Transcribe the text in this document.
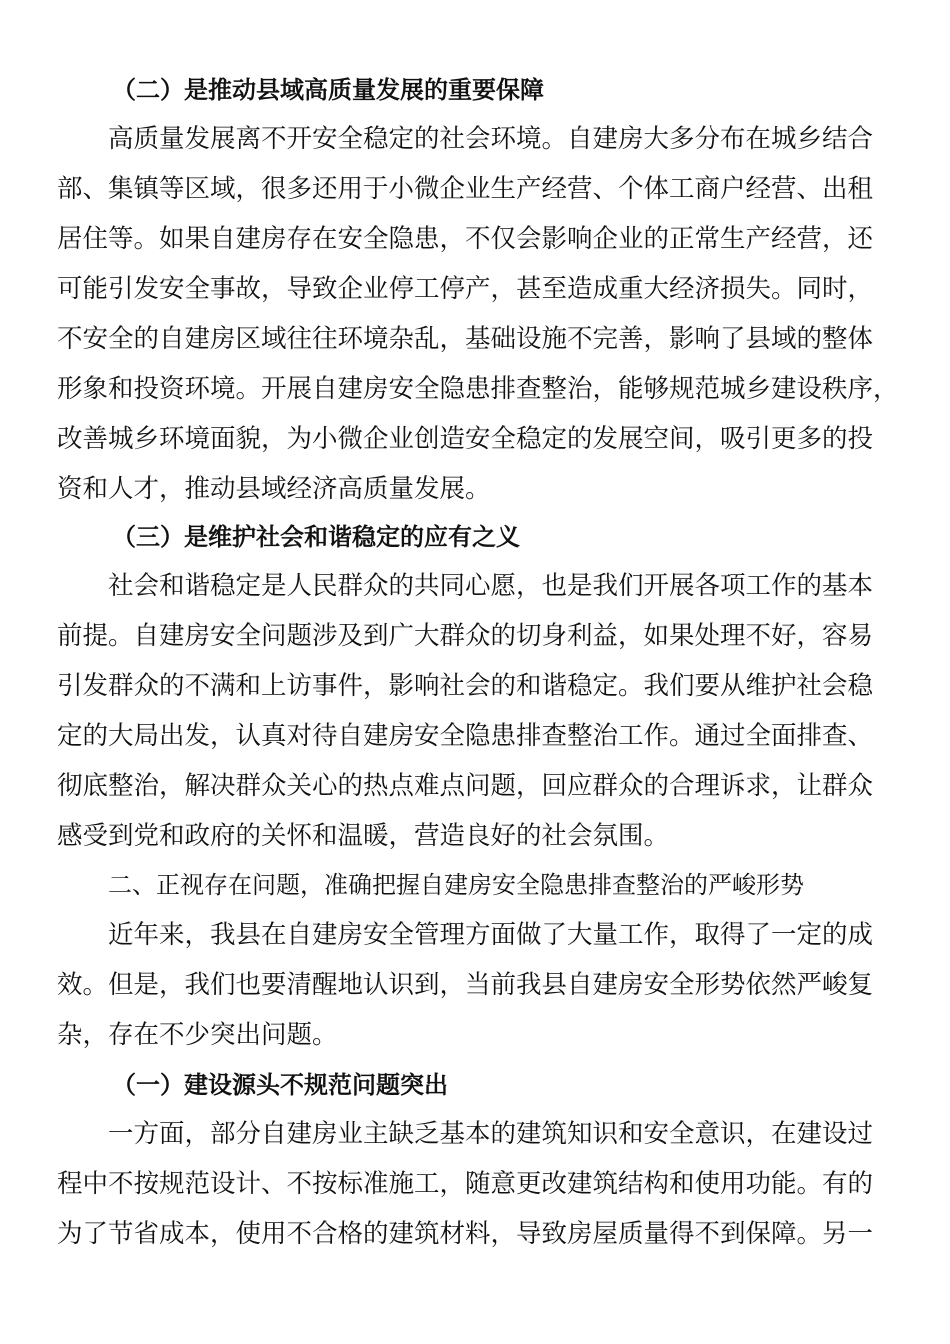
（二）是推动县域高质量发展的重要保障
高质量发展离不开安全稳定的社会环境。自建房大多分布在城乡结合
部、集镇等区域，很多还用于小微企业生产经营、个体工商户经营、出租
居住等。如果自建房存在安全隐患，不仅会影响企业的正常生产经营，还
可能引发安全事故，导致企业停工停产，甚至造成重大经济损失。同时，
不安全的自建房区域往往环境杂乱，基础设施不完善，影响了县域的整体
形象和投资环境。开展自建房安全隐患排查整治，能够规范城乡建设秩序，
改善城乡环境面貌，为小微企业创造安全稳定的发展空间，吸引更多的投
资和人才，推动县域经济高质量发展。
（三）是维护社会和谐稳定的应有之义
社会和谐稳定是人民群众的共同心愿，也是我们开展各项工作的基本
前提。自建房安全问题涉及到广大群众的切身利益，如果处理不好，容易
引发群众的不满和上访事件，影响社会的和谐稳定。我们要从维护社会稳
定的大局出发，认真对待自建房安全隐患排查整治工作。通过全面排查、
彻底整治，解决群众关心的热点难点问题，回应群众的合理诉求，让群众
感受到党和政府的关怀和温暖，营造良好的社会氛围。
二、正视存在问题，准确把握自建房安全隐患排查整治的严峻形势
近年来，我县在自建房安全管理方面做了大量工作，取得了一定的成
效。但是，我们也要清醒地认识到，当前我县自建房安全形势依然严峻复
杂，存在不少突出问题。
（一）建设源头不规范问题突出
一方面，部分自建房业主缺乏基本的建筑知识和安全意识，在建设过
程中不按规范设计、不按标准施工，随意更改建筑结构和使用功能。有的
为了节省成本，使用不合格的建筑材料，导致房屋质量得不到保障。另一
